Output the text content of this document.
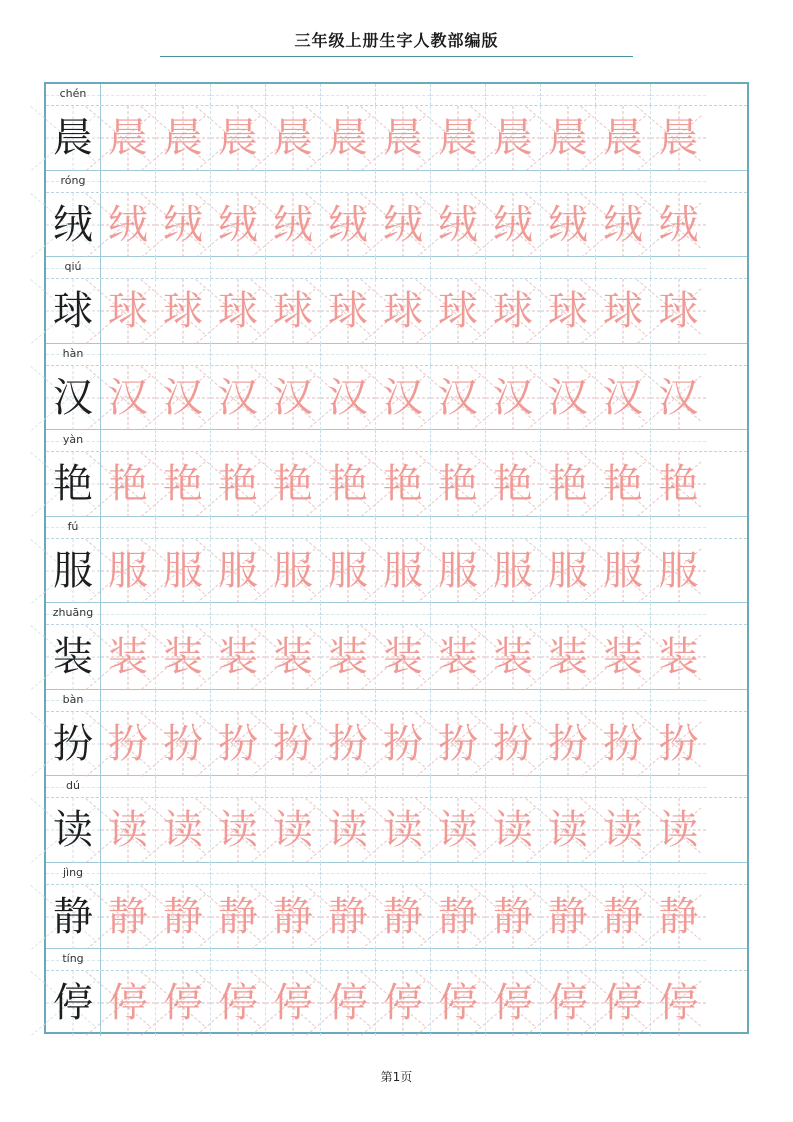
三年级上册生字人教部编版
chén
晨 晨 晨 晨 晨 晨 晨 晨 晨 晨 晨 晨
róng
绒 绒 绒 绒 绒 绒 绒 绒 绒 绒 绒 绒
qiú
球 球 球 球 球 球 球 球 球 球 球 球
hàn
汉 汉 汉 汉 汉 汉 汉 汉 汉 汉 汉 汉
yàn
艳 艳 艳 艳 艳 艳 艳 艳 艳 艳 艳 艳
fú
服 服 服 服 服 服 服 服 服 服 服 服
zhuāng
装 装 装 装 装 装 装 装 装 装 装 装
bàn
扮 扮 扮 扮 扮 扮 扮 扮 扮 扮 扮 扮
dú
读 读 读 读 读 读 读 读 读 读 读 读
jìng
静 静 静 静 静 静 静 静 静 静 静 静
tíng
停 停 停 停 停 停 停 停 停 停 停 停
第1页
